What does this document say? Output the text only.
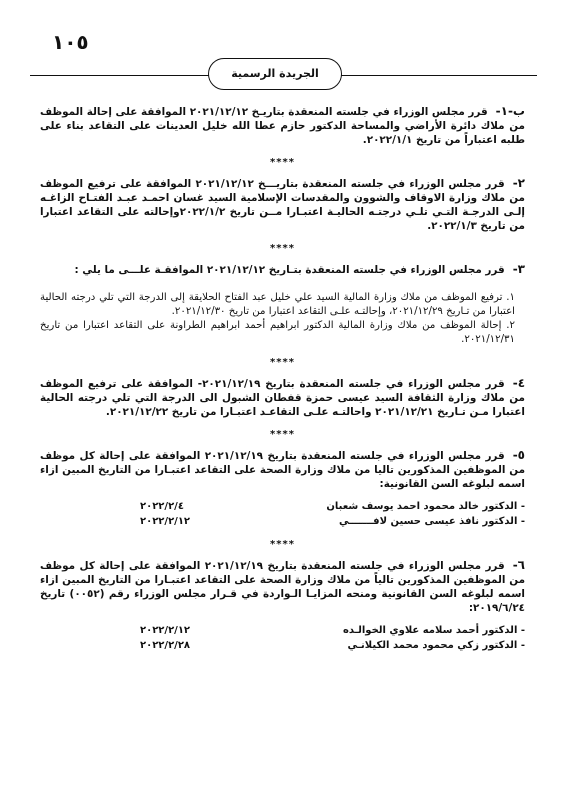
١٠٥
الجريدة الرسمية

ب-١-قرر مجلس الوزراء في جلسته المنعقدة بتاريـخ ٢٠٢١/١٢/١٢ الموافقة على إحالة الموظف من ملاك دائرة الأراضي والمساحة الدكتور حازم عطا الله خليل العدينات على التقاعد بناء على طلبه اعتباراً من تاريخ ٢٠٢٢/١/١.

****

٢-قرر مجلس الوزراء في جلسته المنعقدة بتاريـــخ ٢٠٢١/١٢/١٢ الموافقة على ترفيع الموظف من ملاك وزارة الاوقاف والشوون والمقدسات الإسلامية السيد غسان احمـد عبـد الفتـاح الزاغـه إلـى الدرجـة التـي تلـي درجتـه الحاليـة اعتبـارا مــن تاريخ ٢٠٢٢/١/٢وإحالته على التقاعد اعتبارا من تاريخ ٢٠٢٢/١/٣.

****

٣-قرر مجلس الوزراء في جلسته المنعقدة بتـاريخ ٢٠٢١/١٢/١٢ الموافقـة علـــى ما يلي :

١. ترفيع الموظف من ملاك وزارة المالية السيد علي خليل عبد الفتاح الحلايقة إلى الدرجة التي تلي درجته الحالية اعتبارا من تـاريخ ٢٠٢١/١٢/٢٩، وإحالتـه علـى التقاعد اعتبارا من تاريخ ٢٠٢١/١٢/٣٠.

٢. إحالة الموظف من ملاك وزارة المالية الدكتور ابراهيم أحمد ابراهيم الطراونة على التقاعد اعتبارا من تاريخ ٢٠٢١/١٢/٣١.

****

٤-قرر مجلس الوزراء في جلسته المنعقدة بتاريخ ٢٠٢١/١٢/١٩- الموافقة على ترفيع الموظف من ملاك وزارة الثقافة السيد عيسى حمزة قفطان الشبول الى الدرجة التي تلي درجته الحالية اعتبارا مـن تـاريخ ٢٠٢١/١٢/٢١ واحالتـه علـى التقاعـد اعتبـارا من تاريخ ٢٠٢١/١٢/٢٢.

****

٥-قرر مجلس الوزراء في جلسته المنعقدة بتاريخ ٢٠٢١/١٢/١٩ الموافقة على إحالة كل موظف من الموظفين المذكورين تاليا من ملاك وزارة الصحة على التقاعد اعتبـارا من التاريخ المبين ازاء اسمه لبلوغه السن القانونية:

- الدكتور خالد محمود احمد يوسف شعبان
٢٠٢٢/٢/٤
- الدكتور نافذ عيسى حسين لافـــــــي
٢٠٢٢/٢/١٢
****

٦-قرر مجلس الوزراء في جلسته المنعقدة بتاريخ ٢٠٢١/١٢/١٩ الموافقة على إحالة كل موظف من الموظفين المذكورين تالياً من ملاك وزارة الصحة على التقاعد اعتبـارا من التاريخ المبين ازاء اسمه لبلوغه السن القانونية ومنحه المزايـا الـواردة في قـرار مجلس الوزراء رقم (٠٠٥٢) تاريخ ٢٠١٩/٦/٢٤:

- الدكتور أحمد سلامه علاوي الخوالـده
٢٠٢٢/٢/١٢
- الدكتور زكي محمود محمد الكيلانـي
٢٠٢٢/٢/٢٨
